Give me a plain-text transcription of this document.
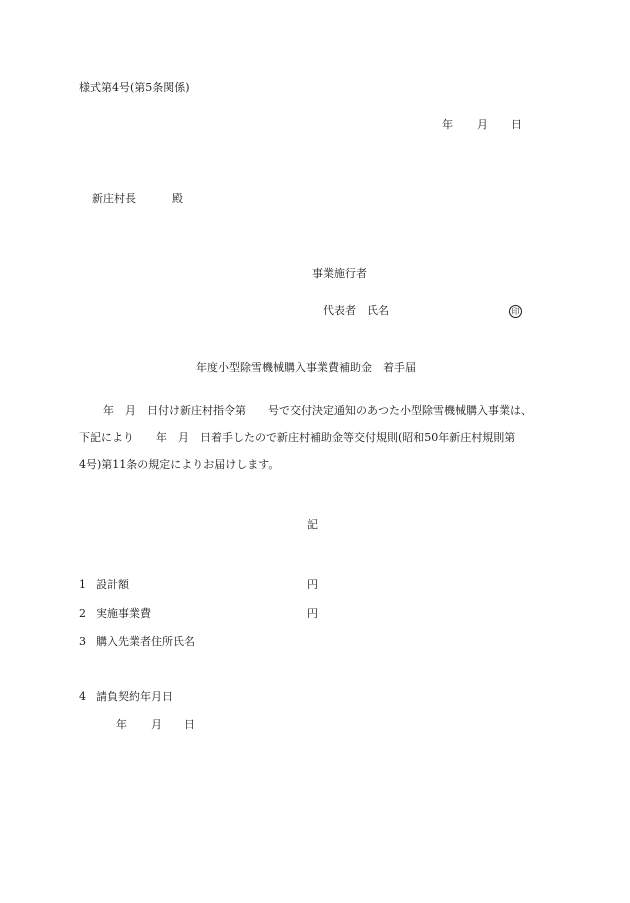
様式第4号(第5条関係)
年 月 日
新庄村長	殿
事業施行者
代表者　氏名	印
年度小型除雪機械購入事業費補助金　着手届
年　月　日付け新庄村指令第　　号で交付決定通知のあつた小型除雪機械購入事業は、
下記により　　年　月　日着手したので新庄村補助金等交付規則(昭和50年新庄村規則第
4号)第11条の規定によりお届けします。
記
1 設計額	円
2 実施事業費	円
3 購入先業者住所氏名
4 請負契約年月日
年 月 日
